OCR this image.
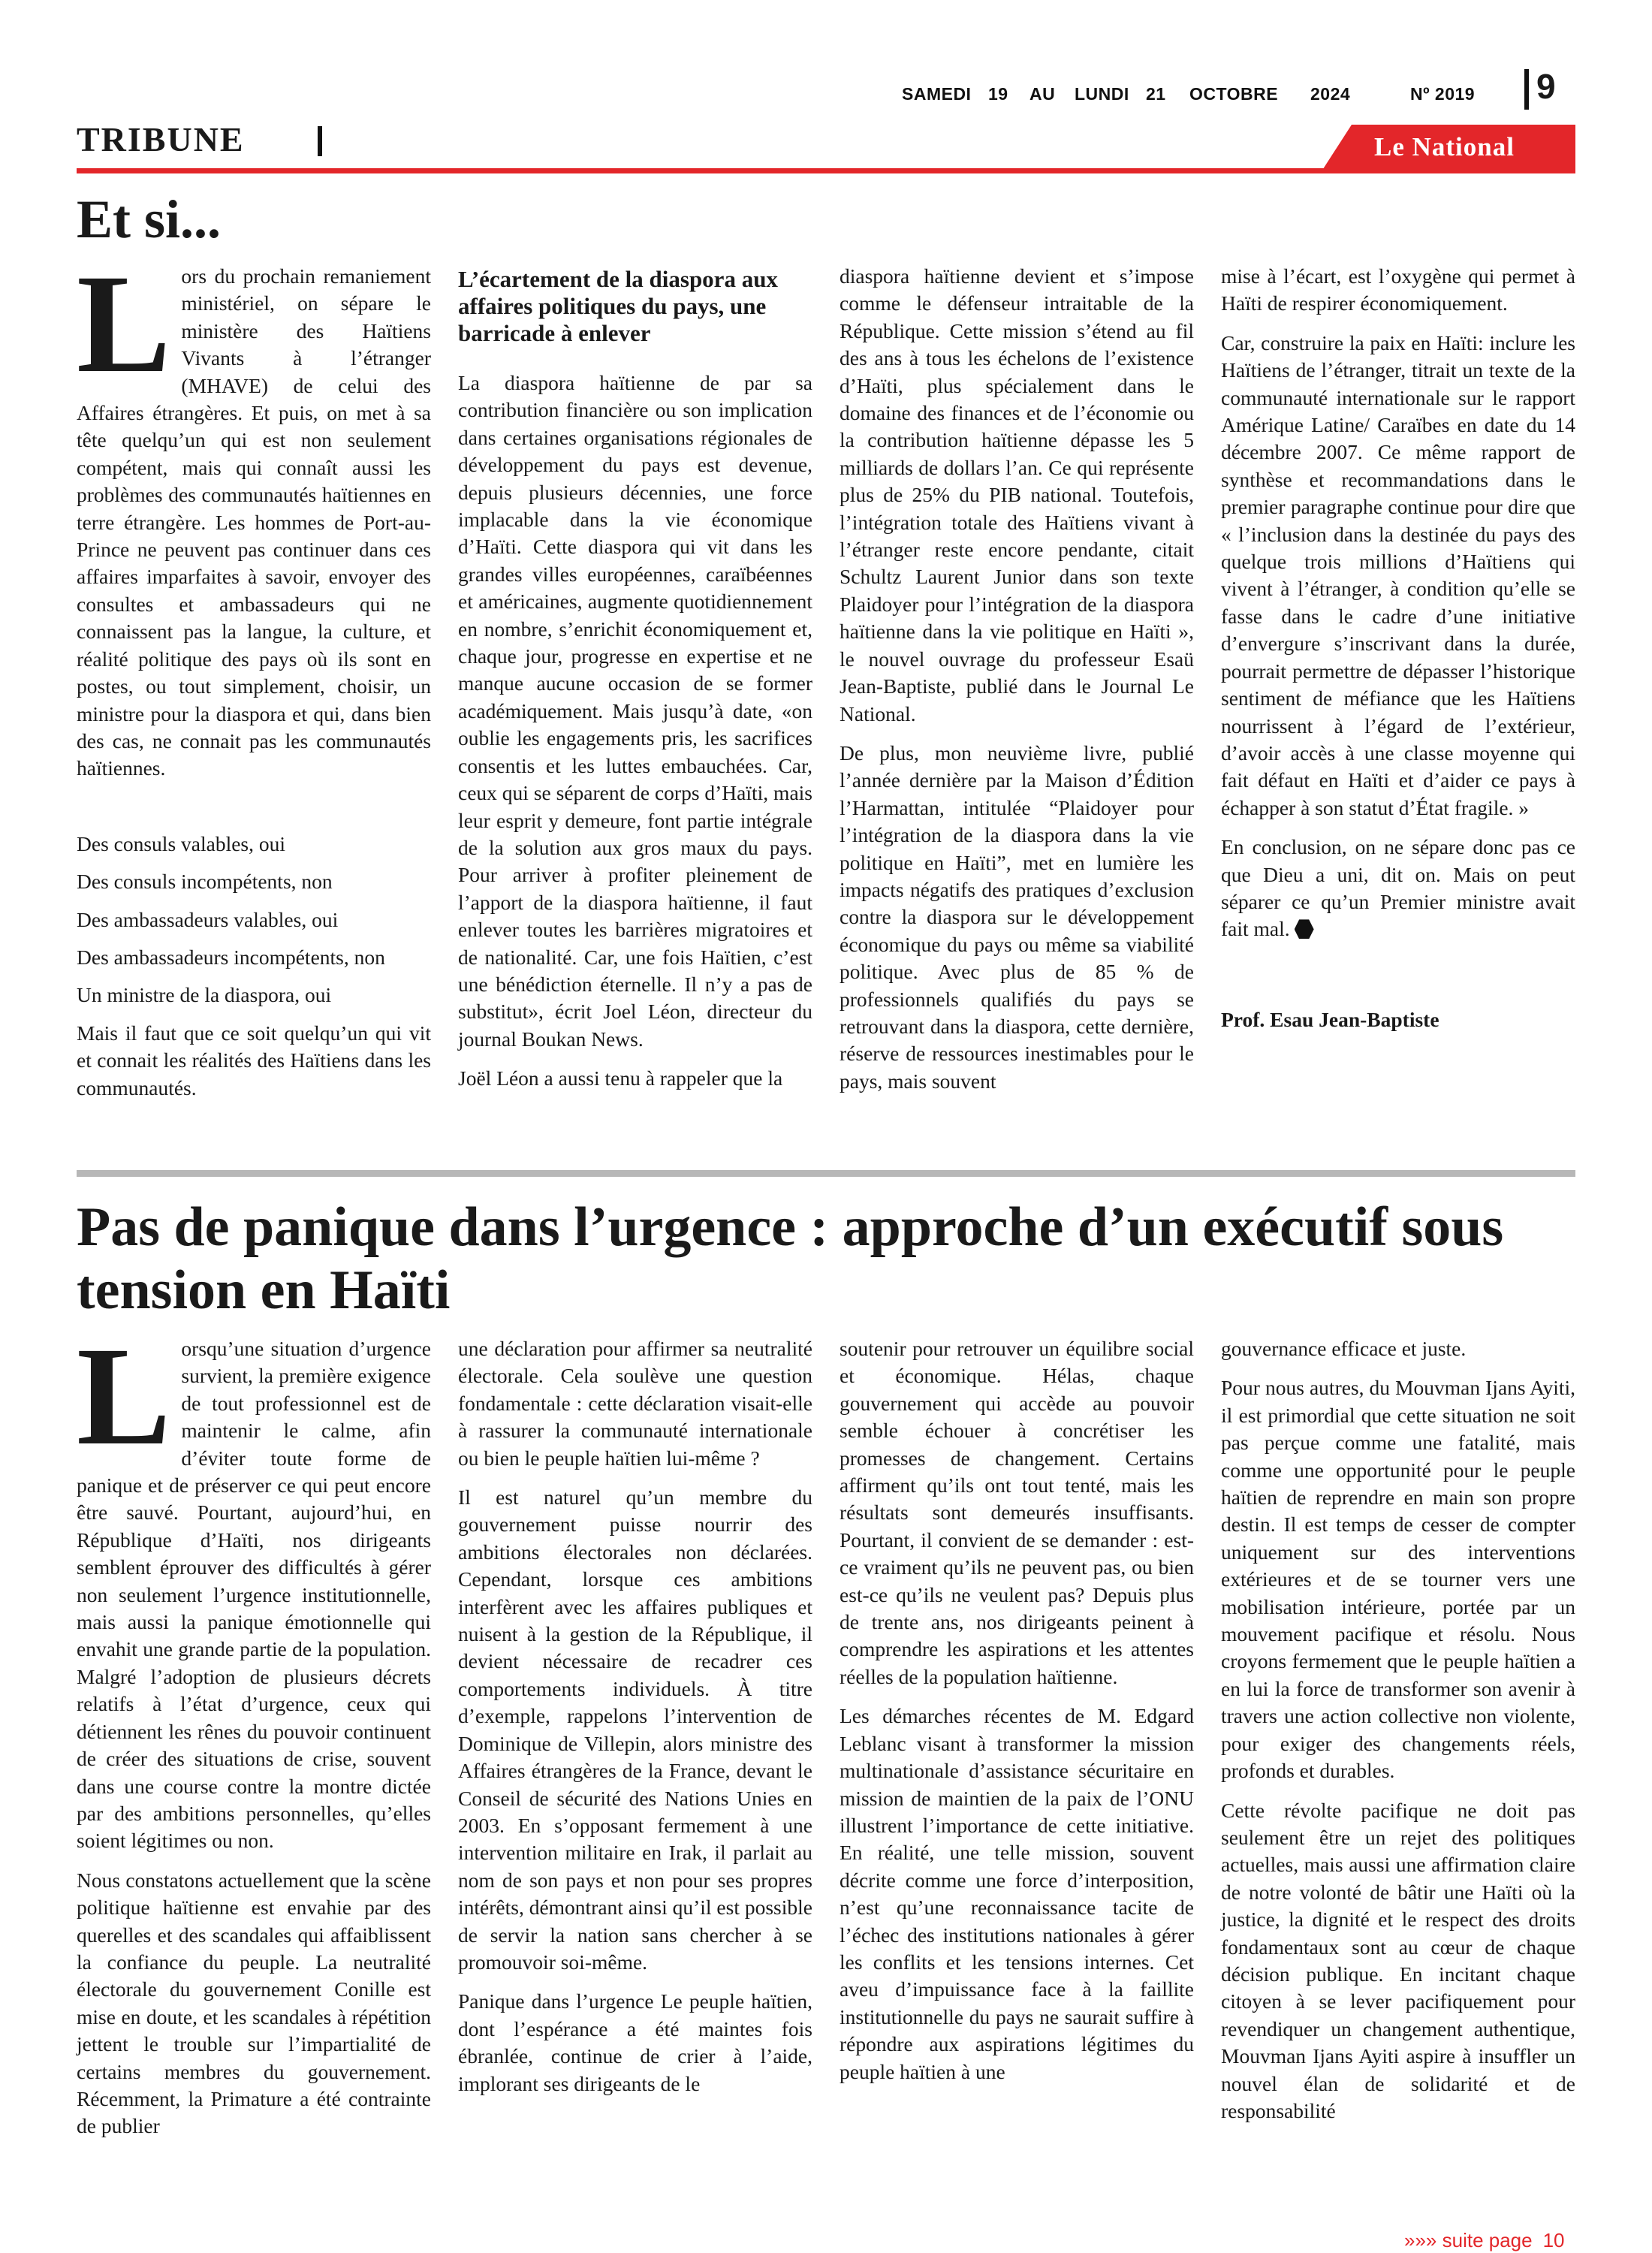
SAMEDI 19 AU LUNDI 21 OCTOBRE 2024	Nº 2019 9
TRIBUNE	Le National
Et si...
L ors du prochain remaniement ministériel, on sépare le ministère des Haïtiens Vivants à l’étranger (MHAVE) de celui des Affaires étrangères. Et puis, on met à sa tête quelqu’un qui est non seulement compétent, mais qui connaît aussi les problèmes des communautés haïtiennes en terre étrangère. Les hommes de Port-au-Prince ne peuvent pas continuer dans ces affaires imparfaites à savoir, envoyer des consultes et ambassadeurs qui ne connaissent pas la langue, la culture, et réalité politique des pays où ils sont en postes, ou tout simplement, choisir, un ministre pour la diaspora et qui, dans bien des cas, ne connait pas les communautés haïtiennes.

Des consuls valables, oui

Des consuls incompétents, non

Des ambassadeurs valables, oui

Des ambassadeurs incompétents, non

Un ministre de la diaspora, oui

Mais il faut que ce soit quelqu’un qui vit et connait les réalités des Haïtiens dans les communautés.

L’écartement de la diaspora aux affaires politiques du pays, une barricade à enlever

La diaspora haïtienne de par sa contribution financière ou son implication dans certaines organisations régionales de développement du pays est devenue, depuis plusieurs décennies, une force implacable dans la vie économique d’Haïti. Cette diaspora qui vit dans les grandes villes européennes, caraïbéennes et américaines, augmente quotidiennement en nombre, s’enrichit économiquement et, chaque jour, progresse en expertise et ne manque aucune occasion de se former académiquement. Mais jusqu’à date, «on oublie les engagements pris, les sacrifices consentis et les luttes embauchées. Car, ceux qui se séparent de corps d’Haïti, mais leur esprit y demeure, font partie intégrale de la solution aux gros maux du pays. Pour arriver à profiter pleinement de l’apport de la diaspora haïtienne, il faut enlever toutes les barrières migratoires et de nationalité. Car, une fois Haïtien, c’est une bénédiction éternelle. Il n’y a pas de substitut», écrit Joel Léon, directeur du journal Boukan News.

Joël Léon a aussi tenu à rappeler que la

diaspora haïtienne devient et s’impose comme le défenseur intraitable de la République. Cette mission s’étend au fil des ans à tous les échelons de l’existence d’Haïti, plus spécialement dans le domaine des finances et de l’économie ou la contribution haïtienne dépasse les 5 milliards de dollars l’an. Ce qui représente plus de 25% du PIB national. Toutefois, l’intégration totale des Haïtiens vivant à l’étranger reste encore pendante, citait Schultz Laurent Junior dans son texte Plaidoyer pour l’intégration de la diaspora haïtienne dans la vie politique en Haïti », le nouvel ouvrage du professeur Esaü Jean-Baptiste, publié dans le Journal Le National.

De plus, mon neuvième livre, publié l’année dernière par la Maison d’Édition l’Harmattan, intitulée “Plaidoyer pour l’intégration de la diaspora dans la vie politique en Haïti”, met en lumière les impacts négatifs des pratiques d’exclusion contre la diaspora sur le développement économique du pays ou même sa viabilité politique. Avec plus de 85 % de professionnels qualifiés du pays se retrouvant dans la diaspora, cette dernière, réserve de ressources inestimables pour le pays, mais souvent

mise à l’écart, est l’oxygène qui permet à Haïti de respirer économiquement.

Car, construire la paix en Haïti: inclure les Haïtiens de l’étranger, titrait un texte de la communauté internationale sur le rapport Amérique Latine/ Caraïbes en date du 14 décembre 2007. Ce même rapport de synthèse et recommandations dans le premier paragraphe continue pour dire que « l’inclusion dans la destinée du pays des quelque trois millions d’Haïtiens qui vivent à l’étranger, à condition qu’elle se fasse dans le cadre d’une initiative d’envergure s’inscrivant dans la durée, pourrait permettre de dépasser l’historique sentiment de méfiance que les Haïtiens nourrissent à l’égard de l’extérieur, d’avoir accès à une classe moyenne qui fait défaut en Haïti et d’aider ce pays à échapper à son statut d’État fragile. »

En conclusion, on ne sépare donc pas ce que Dieu a uni, dit on. Mais on peut séparer ce qu’un Premier ministre avait fait mal.

Prof. Esau Jean-Baptiste

Pas de panique dans l’urgence : approche d’un exécutif sous tension en Haïti
L orsqu’une situation d’urgence survient, la première exigence de tout professionnel est de maintenir le calme, afin d’éviter toute forme de panique et de préserver ce qui peut encore être sauvé. Pourtant, aujourd’hui, en République d’Haïti, nos dirigeants semblent éprouver des difficultés à gérer non seulement l’urgence institutionnelle, mais aussi la panique émotionnelle qui envahit une grande partie de la population. Malgré l’adoption de plusieurs décrets relatifs à l’état d’urgence, ceux qui détiennent les rênes du pouvoir continuent de créer des situations de crise, souvent dans une course contre la montre dictée par des ambitions personnelles, qu’elles soient légitimes ou non.

Nous constatons actuellement que la scène politique haïtienne est envahie par des querelles et des scandales qui affaiblissent la confiance du peuple. La neutralité électorale du gouvernement Conille est mise en doute, et les scandales à répétition jettent le trouble sur l’impartialité de certains membres du gouvernement. Récemment, la Primature a été contrainte de publier

une déclaration pour affirmer sa neutralité électorale. Cela soulève une question fondamentale : cette déclaration visait-elle à rassurer la communauté internationale ou bien le peuple haïtien lui-même ?

Il est naturel qu’un membre du gouvernement puisse nourrir des ambitions électorales non déclarées. Cependant, lorsque ces ambitions interfèrent avec les affaires publiques et nuisent à la gestion de la République, il devient nécessaire de recadrer ces comportements individuels. À titre d’exemple, rappelons l’intervention de Dominique de Villepin, alors ministre des Affaires étrangères de la France, devant le Conseil de sécurité des Nations Unies en 2003. En s’opposant fermement à une intervention militaire en Irak, il parlait au nom de son pays et non pour ses propres intérêts, démontrant ainsi qu’il est possible de servir la nation sans chercher à se promouvoir soi-même.

Panique dans l’urgence Le peuple haïtien, dont l’espérance a été maintes fois ébranlée, continue de crier à l’aide, implorant ses dirigeants de le

soutenir pour retrouver un équilibre social et économique. Hélas, chaque gouvernement qui accède au pouvoir semble échouer à concrétiser les promesses de changement. Certains affirment qu’ils ont tout tenté, mais les résultats sont demeurés insuffisants. Pourtant, il convient de se demander : est-ce vraiment qu’ils ne peuvent pas, ou bien est-ce qu’ils ne veulent pas? Depuis plus de trente ans, nos dirigeants peinent à comprendre les aspirations et les attentes réelles de la population haïtienne.

Les démarches récentes de M. Edgard Leblanc visant à transformer la mission multinationale d’assistance sécuritaire en mission de maintien de la paix de l’ONU illustrent l’importance de cette initiative. En réalité, une telle mission, souvent décrite comme une force d’interposition, n’est qu’une reconnaissance tacite de l’échec des institutions nationales à gérer les conflits et les tensions internes. Cet aveu d’impuissance face à la faillite institutionnelle du pays ne saurait suffire à répondre aux aspirations légitimes du peuple haïtien à une

gouvernance efficace et juste.

Pour nous autres, du Mouvman Ijans Ayiti, il est primordial que cette situation ne soit pas perçue comme une fatalité, mais comme une opportunité pour le peuple haïtien de reprendre en main son propre destin. Il est temps de cesser de compter uniquement sur des interventions extérieures et de se tourner vers une mobilisation intérieure, portée par un mouvement pacifique et résolu. Nous croyons fermement que le peuple haïtien a en lui la force de transformer son avenir à travers une action collective non violente, pour exiger des changements réels, profonds et durables.

Cette révolte pacifique ne doit pas seulement être un rejet des politiques actuelles, mais aussi une affirmation claire de notre volonté de bâtir une Haïti où la justice, la dignité et le respect des droits fondamentaux sont au cœur de chaque décision publique. En incitant chaque citoyen à se lever pacifiquement pour revendiquer un changement authentique, Mouvman Ijans Ayiti aspire à insuffler un nouvel élan de solidarité et de responsabilité

»»» suite page 10
